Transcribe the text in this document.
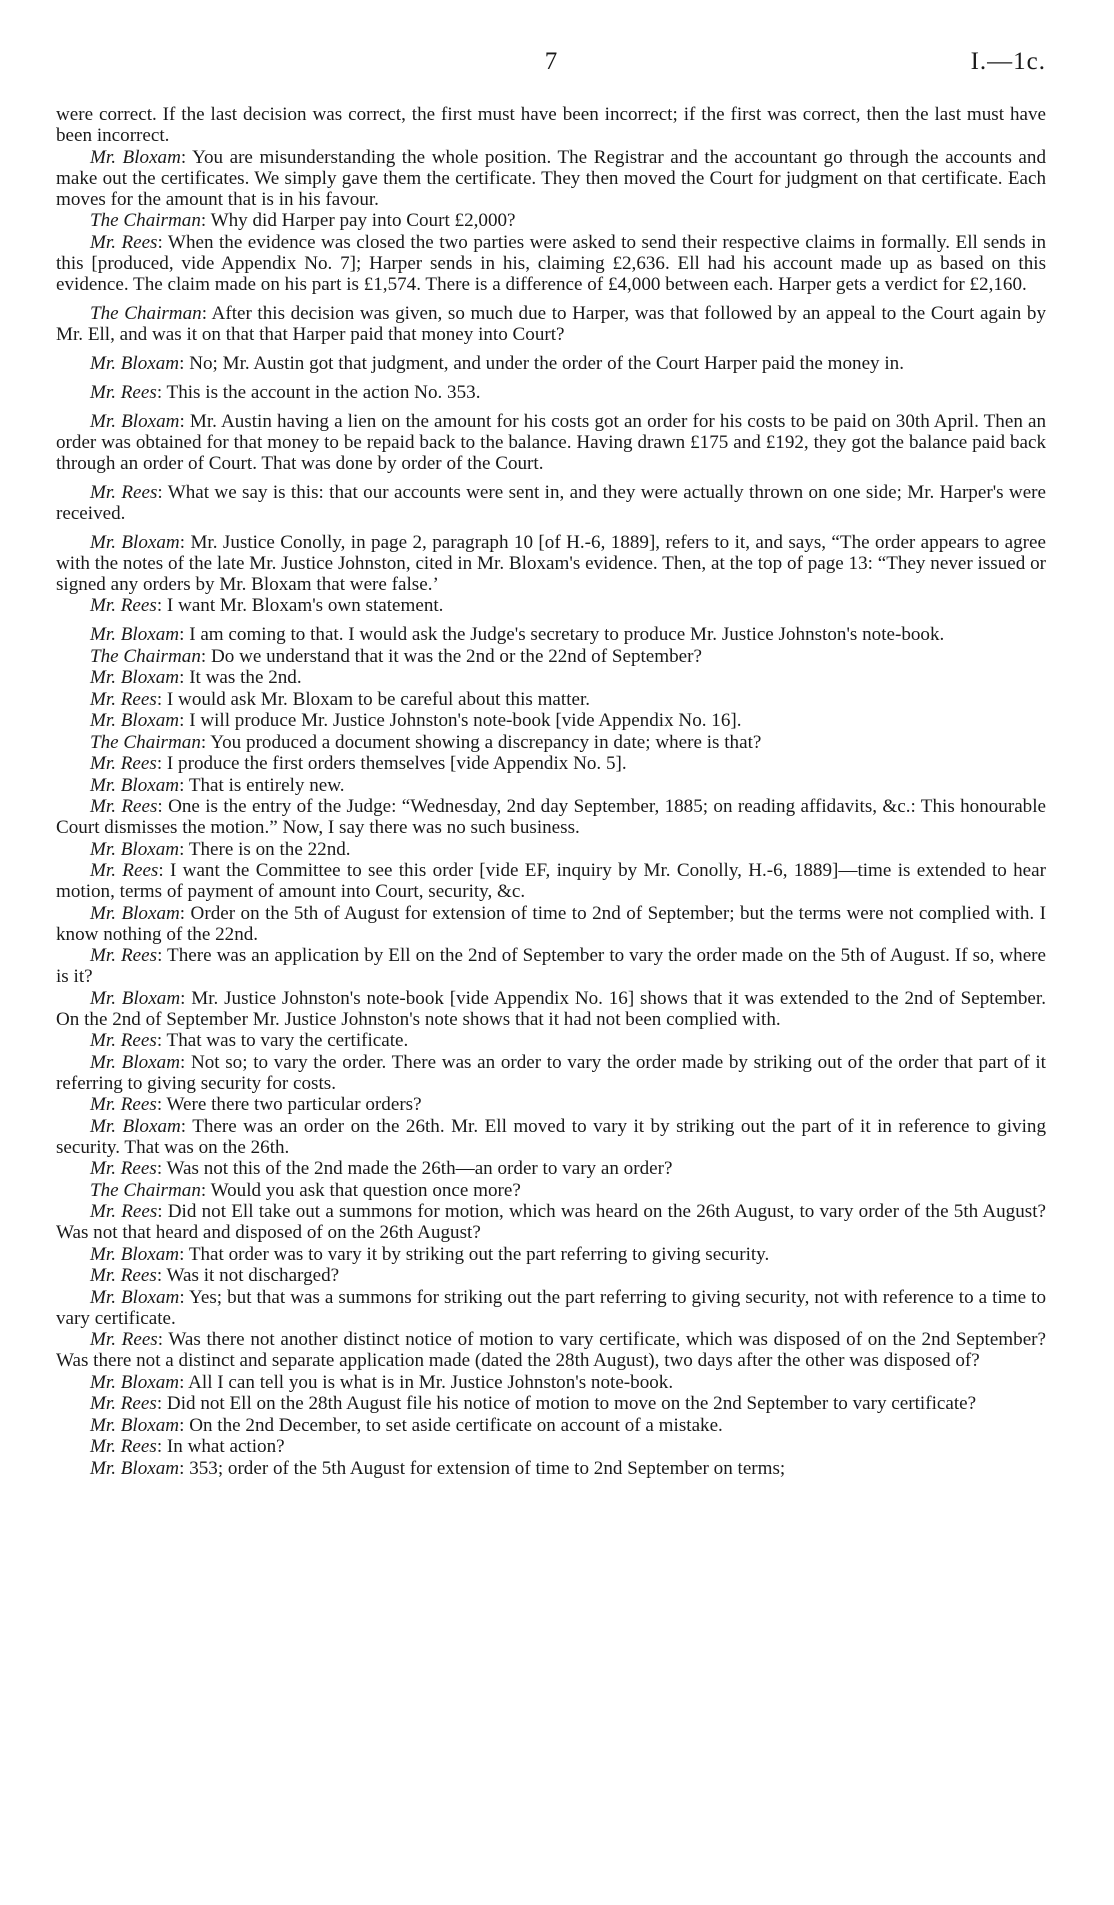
7	I.—1c.

were correct. If the last decision was correct, the first must have been incorrect; if the first was correct, then the last must have been incorrect.

Mr. Bloxam: You are misunderstanding the whole position. The Registrar and the accountant go through the accounts and make out the certificates. We simply gave them the certificate. They then moved the Court for judgment on that certificate. Each moves for the amount that is in his favour.

The Chairman: Why did Harper pay into Court £2,000?

Mr. Rees: When the evidence was closed the two parties were asked to send their respective claims in formally. Ell sends in this [produced, vide Appendix No. 7]; Harper sends in his, claiming £2,636. Ell had his account made up as based on this evidence. The claim made on his part is £1,574. There is a difference of £4,000 between each. Harper gets a verdict for £2,160.

The Chairman: After this decision was given, so much due to Harper, was that followed by an appeal to the Court again by Mr. Ell, and was it on that that Harper paid that money into Court?

Mr. Bloxam: No; Mr. Austin got that judgment, and under the order of the Court Harper paid the money in.

Mr. Rees: This is the account in the action No. 353.

Mr. Bloxam: Mr. Austin having a lien on the amount for his costs got an order for his costs to be paid on 30th April. Then an order was obtained for that money to be repaid back to the balance. Having drawn £175 and £192, they got the balance paid back through an order of Court. That was done by order of the Court.

Mr. Rees: What we say is this: that our accounts were sent in, and they were actually thrown on one side; Mr. Harper's were received.

Mr. Bloxam: Mr. Justice Conolly, in page 2, paragraph 10 [of H.-6, 1889], refers to it, and says, “The order appears to agree with the notes of the late Mr. Justice Johnston, cited in Mr. Bloxam's evidence. Then, at the top of page 13: “They never issued or signed any orders by Mr. Bloxam that were false.’

Mr. Rees: I want Mr. Bloxam's own statement.

Mr. Bloxam: I am coming to that. I would ask the Judge's secretary to produce Mr. Justice Johnston's note-book.

The Chairman: Do we understand that it was the 2nd or the 22nd of September?

Mr. Bloxam: It was the 2nd.

Mr. Rees: I would ask Mr. Bloxam to be careful about this matter.

Mr. Bloxam: I will produce Mr. Justice Johnston's note-book [vide Appendix No. 16].

The Chairman: You produced a document showing a discrepancy in date; where is that?

Mr. Rees: I produce the first orders themselves [vide Appendix No. 5].

Mr. Bloxam: That is entirely new.

Mr. Rees: One is the entry of the Judge: “Wednesday, 2nd day September, 1885; on reading affidavits, &c.: This honourable Court dismisses the motion.” Now, I say there was no such business.

Mr. Bloxam: There is on the 22nd.

Mr. Rees: I want the Committee to see this order [vide EF, inquiry by Mr. Conolly, H.-6, 1889]—time is extended to hear motion, terms of payment of amount into Court, security, &c.

Mr. Bloxam: Order on the 5th of August for extension of time to 2nd of September; but the terms were not complied with. I know nothing of the 22nd.

Mr. Rees: There was an application by Ell on the 2nd of September to vary the order made on the 5th of August. If so, where is it?

Mr. Bloxam: Mr. Justice Johnston's note-book [vide Appendix No. 16] shows that it was extended to the 2nd of September. On the 2nd of September Mr. Justice Johnston's note shows that it had not been complied with.

Mr. Rees: That was to vary the certificate.

Mr. Bloxam: Not so; to vary the order. There was an order to vary the order made by striking out of the order that part of it referring to giving security for costs.

Mr. Rees: Were there two particular orders?

Mr. Bloxam: There was an order on the 26th. Mr. Ell moved to vary it by striking out the part of it in reference to giving security. That was on the 26th.

Mr. Rees: Was not this of the 2nd made the 26th—an order to vary an order?

The Chairman: Would you ask that question once more?

Mr. Rees: Did not Ell take out a summons for motion, which was heard on the 26th August, to vary order of the 5th August? Was not that heard and disposed of on the 26th August?

Mr. Bloxam: That order was to vary it by striking out the part referring to giving security.

Mr. Rees: Was it not discharged?

Mr. Bloxam: Yes; but that was a summons for striking out the part referring to giving security, not with reference to a time to vary certificate.

Mr. Rees: Was there not another distinct notice of motion to vary certificate, which was disposed of on the 2nd September? Was there not a distinct and separate application made (dated the 28th August), two days after the other was disposed of?

Mr. Bloxam: All I can tell you is what is in Mr. Justice Johnston's note-book.

Mr. Rees: Did not Ell on the 28th August file his notice of motion to move on the 2nd September to vary certificate?

Mr. Bloxam: On the 2nd December, to set aside certificate on account of a mistake.

Mr. Rees: In what action?

Mr. Bloxam: 353; order of the 5th August for extension of time to 2nd September on terms;
